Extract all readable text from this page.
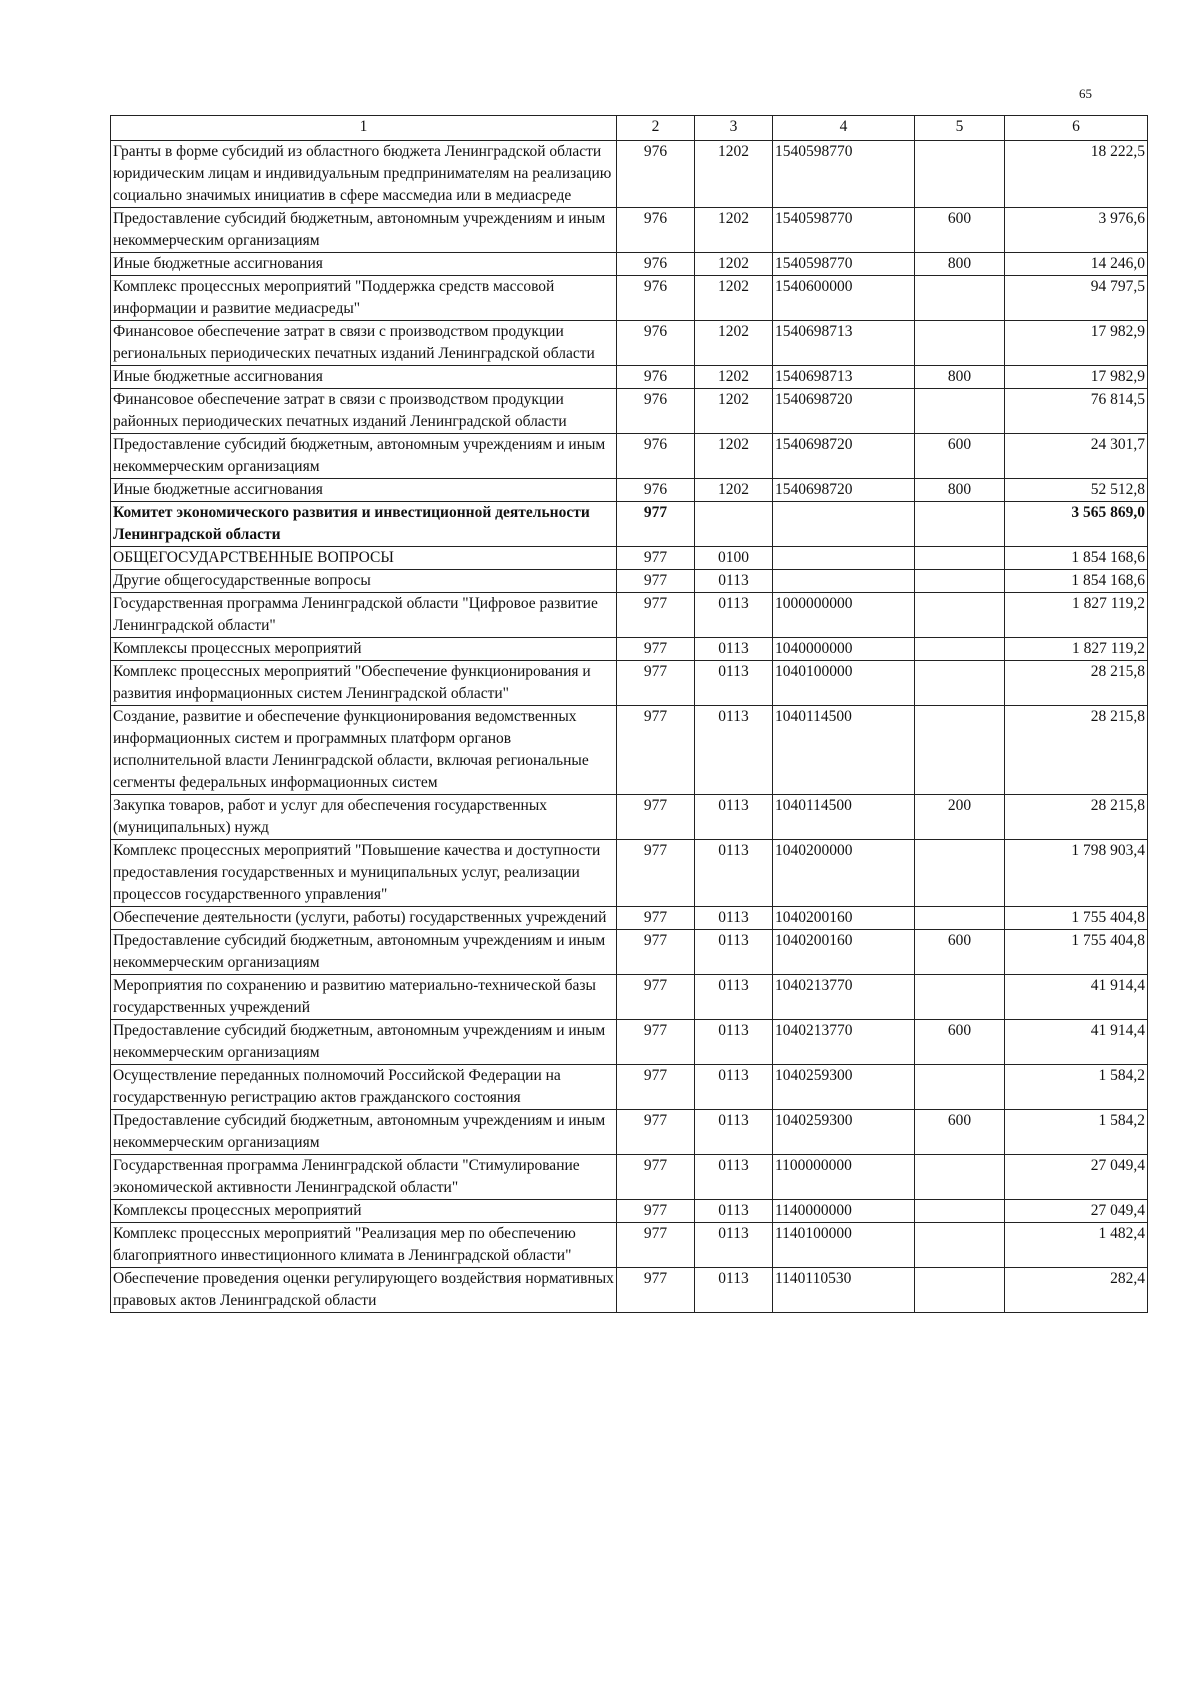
65
1	2	3	4	5	6
Гранты в форме субсидий из областного бюджета Ленинградской области юридическим лицам и индивидуальным предпринимателям на реализацию социально значимых инициатив в сфере массмедиа или в медиасреде	976	1202	1540598770		18 222,5
Предоставление субсидий бюджетным, автономным учреждениям и иным некоммерческим организациям	976	1202	1540598770	600	3 976,6
Иные бюджетные ассигнования	976	1202	1540598770	800	14 246,0
Комплекс процессных мероприятий "Поддержка средств массовой информации и развитие медиасреды"	976	1202	1540600000		94 797,5
Финансовое обеспечение затрат в связи с производством продукции региональных периодических печатных изданий Ленинградской области	976	1202	1540698713		17 982,9
Иные бюджетные ассигнования	976	1202	1540698713	800	17 982,9
Финансовое обеспечение затрат в связи с производством продукции районных периодических печатных изданий Ленинградской области	976	1202	1540698720		76 814,5
Предоставление субсидий бюджетным, автономным учреждениям и иным некоммерческим организациям	976	1202	1540698720	600	24 301,7
Иные бюджетные ассигнования	976	1202	1540698720	800	52 512,8
Комитет экономического развития и инвестиционной деятельности Ленинградской области	977				3 565 869,0
ОБЩЕГОСУДАРСТВЕННЫЕ ВОПРОСЫ	977	0100			1 854 168,6
Другие общегосударственные вопросы	977	0113			1 854 168,6
Государственная программа Ленинградской области "Цифровое развитие Ленинградской области"	977	0113	1000000000		1 827 119,2
Комплексы процессных мероприятий	977	0113	1040000000		1 827 119,2
Комплекс процессных мероприятий "Обеспечение функционирования и развития информационных систем Ленинградской области"	977	0113	1040100000		28 215,8
Создание, развитие и обеспечение функционирования ведомственных информационных систем и программных платформ органов исполнительной власти Ленинградской области, включая региональные сегменты федеральных информационных систем	977	0113	1040114500		28 215,8
Закупка товаров, работ и услуг для обеспечения государственных (муниципальных) нужд	977	0113	1040114500	200	28 215,8
Комплекс процессных мероприятий "Повышение качества и доступности предоставления государственных и муниципальных услуг, реализации процессов государственного управления"	977	0113	1040200000		1 798 903,4
Обеспечение деятельности (услуги, работы) государственных учреждений	977	0113	1040200160		1 755 404,8
Предоставление субсидий бюджетным, автономным учреждениям и иным некоммерческим организациям	977	0113	1040200160	600	1 755 404,8
Мероприятия по сохранению и развитию материально-технической базы государственных учреждений	977	0113	1040213770		41 914,4
Предоставление субсидий бюджетным, автономным учреждениям и иным некоммерческим организациям	977	0113	1040213770	600	41 914,4
Осуществление переданных полномочий Российской Федерации на государственную регистрацию актов гражданского состояния	977	0113	1040259300		1 584,2
Предоставление субсидий бюджетным, автономным учреждениям и иным некоммерческим организациям	977	0113	1040259300	600	1 584,2
Государственная программа Ленинградской области "Стимулирование экономической активности Ленинградской области"	977	0113	1100000000		27 049,4
Комплексы процессных мероприятий	977	0113	1140000000		27 049,4
Комплекс процессных мероприятий "Реализация мер по обеспечению благоприятного инвестиционного климата в Ленинградской области"	977	0113	1140100000		1 482,4
Обеспечение проведения оценки регулирующего воздействия нормативных правовых актов Ленинградской области	977	0113	1140110530		282,4
